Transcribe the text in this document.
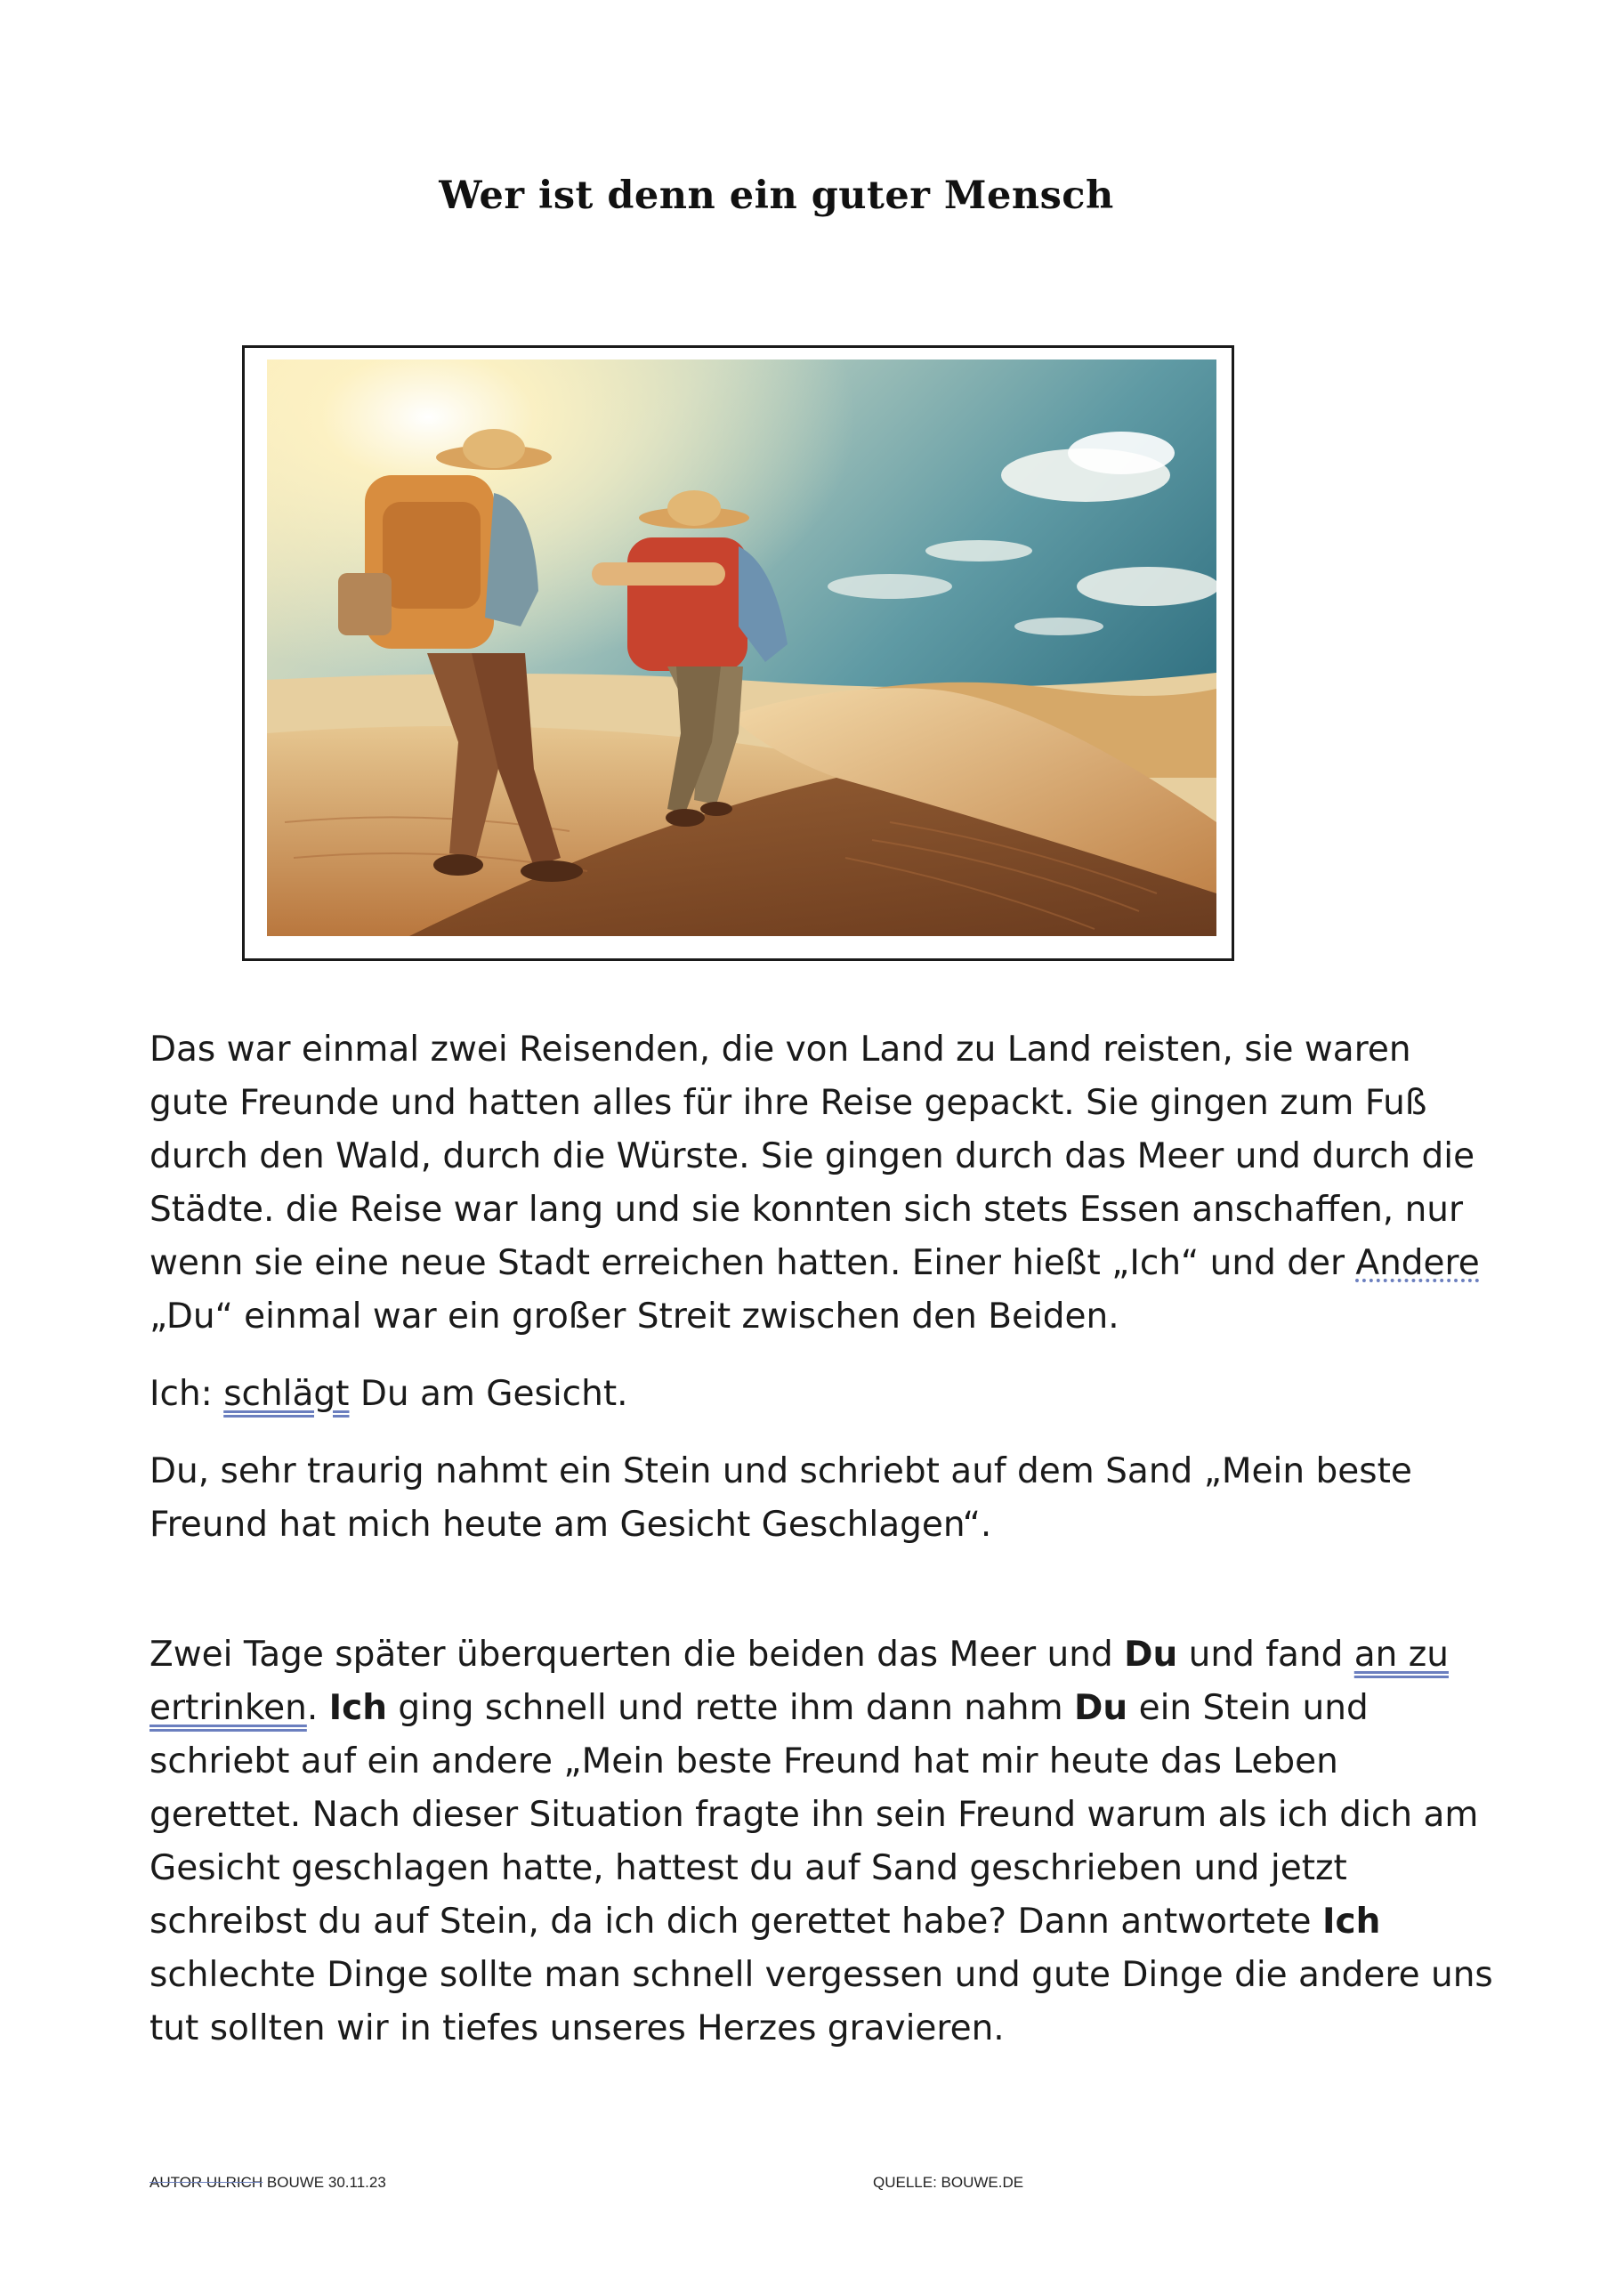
Wer ist denn ein guter Mensch

Das war einmal zwei Reisenden, die von Land zu Land reisten, sie waren gute Freunde und hatten alles für ihre Reise gepackt. Sie gingen zum Fuß durch den Wald, durch die Würste. Sie gingen durch das Meer und durch die Städte. die Reise war lang und sie konnten sich stets Essen anschaffen, nur wenn sie eine neue Stadt erreichen hatten. Einer hießt „Ich“ und der Andere „Du“ einmal war ein großer Streit zwischen den Beiden.

Ich: schlägt Du am Gesicht.

Du, sehr traurig nahmt ein Stein und schriebt auf dem Sand „Mein beste Freund hat mich heute am Gesicht Geschlagen“.

Zwei Tage später überquerten die beiden das Meer und Du und fand an zu ertrinken. Ich ging schnell und rette ihm dann nahm Du ein Stein und schriebt auf ein andere „Mein beste Freund hat mir heute das Leben gerettet. Nach dieser Situation fragte ihn sein Freund warum als ich dich am Gesicht geschlagen hatte, hattest du auf Sand geschrieben und jetzt schreibst du auf Stein, da ich dich gerettet habe? Dann antwortete Ich schlechte Dinge sollte man schnell vergessen und gute Dinge die andere uns tut sollten wir in tiefes unseres Herzes gravieren.

AUTOR ULRICH BOUWE 30.11.23	QUELLE: BOUWE.DE
